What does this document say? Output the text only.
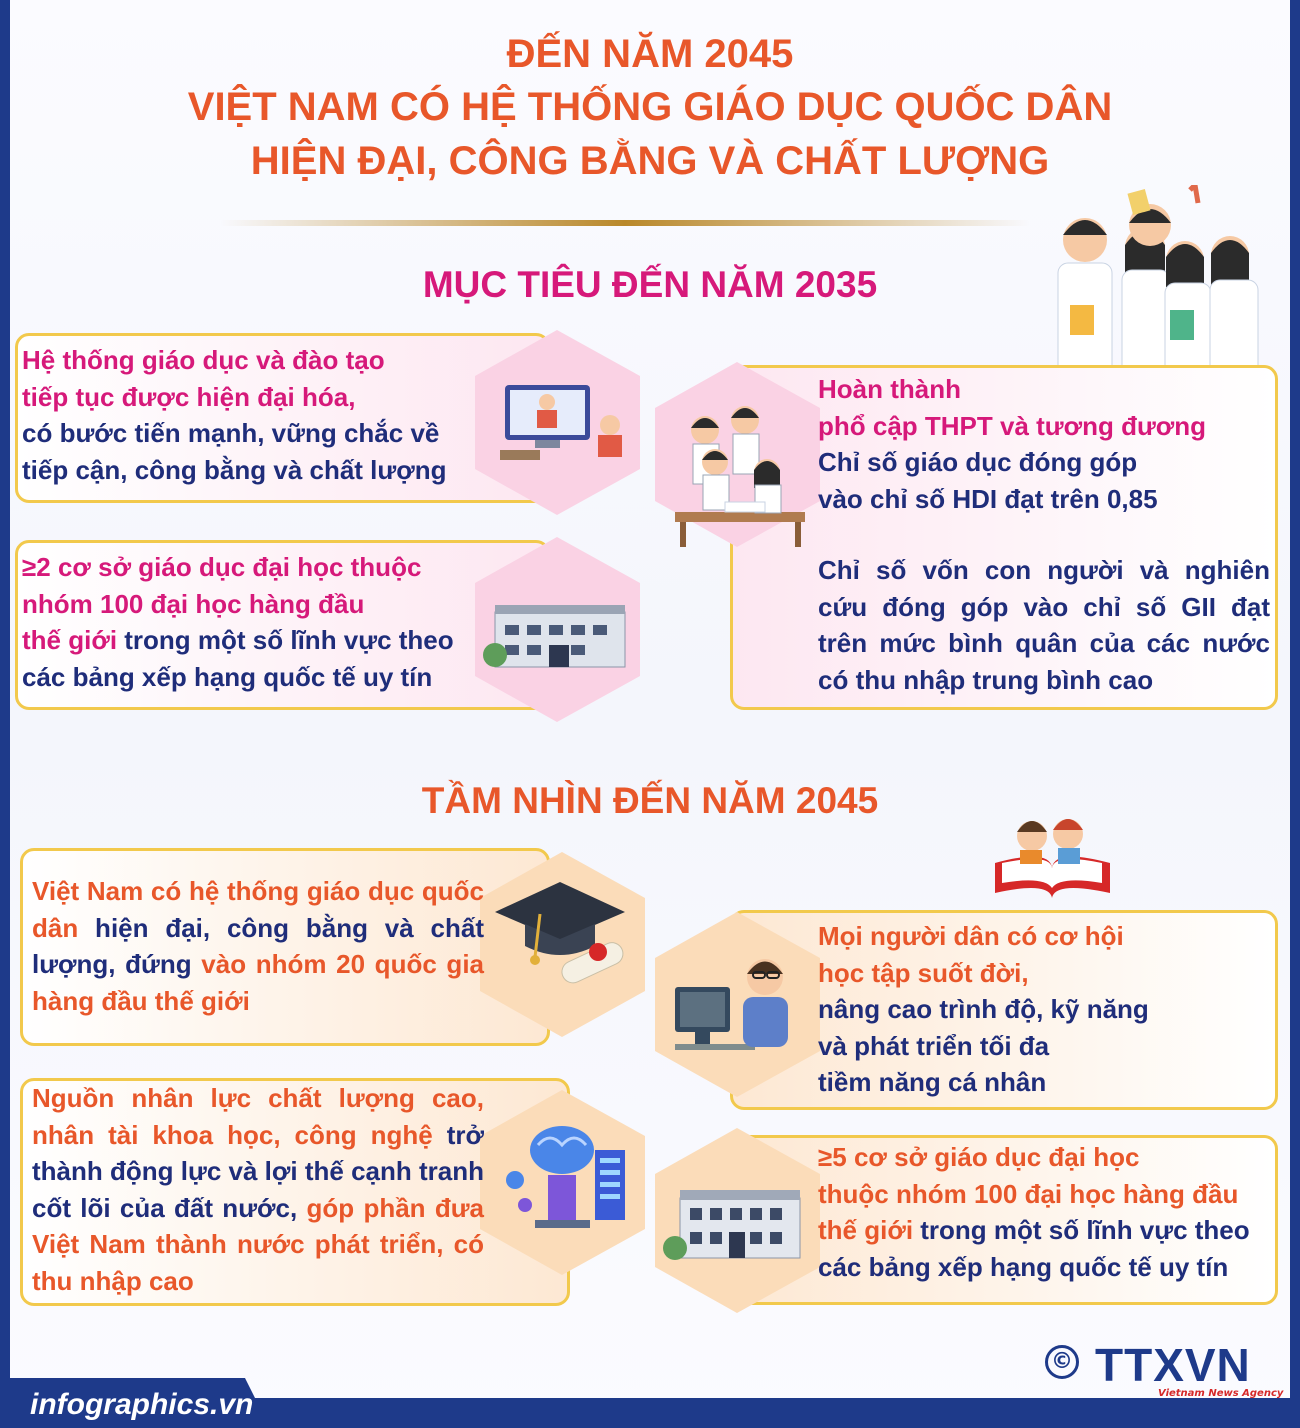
ĐẾN NĂM 2045
VIỆT NAM CÓ HỆ THỐNG GIÁO DỤC QUỐC DÂN
HIỆN ĐẠI, CÔNG BẰNG VÀ CHẤT LƯỢNG
MỤC TIÊU ĐẾN NĂM 2035
Hệ thống giáo dục và đào tạo
tiếp tục được hiện đại hóa,
có bước tiến mạnh, vững chắc về
tiếp cận, công bằng và chất lượng
≥2 cơ sở giáo dục đại học thuộc
nhóm 100 đại học hàng đầu
thế giới trong một số lĩnh vực theo
các bảng xếp hạng quốc tế uy tín
Hoàn thành
phổ cập THPT và tương đương
Chỉ số giáo dục đóng góp
vào chỉ số HDI đạt trên 0,85
Chỉ số vốn con người và nghiên cứu đóng góp vào chỉ số GII đạt trên mức bình quân của các nước có thu nhập trung bình cao
TẦM NHÌN ĐẾN NĂM 2045
Việt Nam có hệ thống giáo dục quốc dân hiện đại, công bằng và chất lượng, đứng vào nhóm 20 quốc gia hàng đầu thế giới
Nguồn nhân lực chất lượng cao, nhân tài khoa học, công nghệ trở thành động lực và lợi thế cạnh tranh cốt lõi của đất nước, góp phần đưa Việt Nam thành nước phát triển, có thu nhập cao
Mọi người dân có cơ hội
học tập suốt đời,
nâng cao trình độ, kỹ năng
và phát triển tối đa
tiềm năng cá nhân
≥5 cơ sở giáo dục đại học
thuộc nhóm 100 đại học hàng đầu
thế giới trong một số lĩnh vực theo
các bảng xếp hạng quốc tế uy tín
infographics.vn
© TTXVN
Vietnam News Agency
